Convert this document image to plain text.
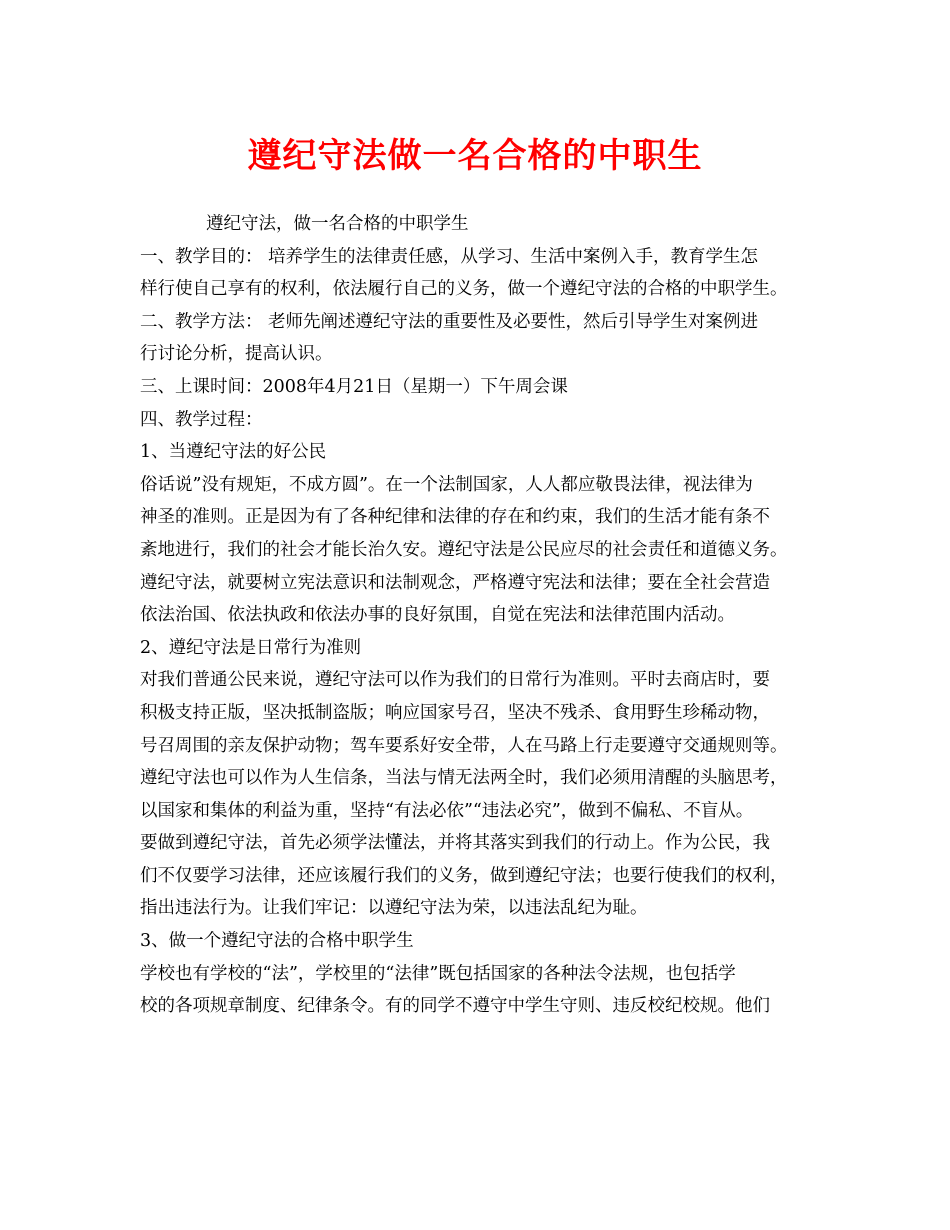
遵纪守法做一名合格的中职生
遵纪守法，做一名合格的中职学生
一、教学目的： 培养学生的法律责任感，从学习、生活中案例入手，教育学生怎
样行使自己享有的权利，依法履行自己的义务，做一个遵纪守法的合格的中职学生。
二、教学方法： 老师先阐述遵纪守法的重要性及必要性，然后引导学生对案例进
行讨论分析，提高认识。
三、上课时间：2008年4月21日（星期一）下午周会课
四、教学过程：
1、当遵纪守法的好公民
俗话说”没有规矩，不成方圆”。在一个法制国家，人人都应敬畏法律，视法律为
神圣的准则。正是因为有了各种纪律和法律的存在和约束，我们的生活才能有条不
紊地进行，我们的社会才能长治久安。遵纪守法是公民应尽的社会责任和道德义务。
遵纪守法，就要树立宪法意识和法制观念，严格遵守宪法和法律；要在全社会营造
依法治国、依法执政和依法办事的良好氛围，自觉在宪法和法律范围内活动。
2、遵纪守法是日常行为准则
对我们普通公民来说，遵纪守法可以作为我们的日常行为准则。平时去商店时，要
积极支持正版，坚决抵制盗版；响应国家号召，坚决不残杀、食用野生珍稀动物，
号召周围的亲友保护动物；驾车要系好安全带，人在马路上行走要遵守交通规则等。
遵纪守法也可以作为人生信条，当法与情无法两全时，我们必须用清醒的头脑思考，
以国家和集体的利益为重，坚持“有法必依”“违法必究”，做到不偏私、不盲从。
要做到遵纪守法，首先必须学法懂法，并将其落实到我们的行动上。作为公民，我
们不仅要学习法律，还应该履行我们的义务，做到遵纪守法；也要行使我们的权利，
指出违法行为。让我们牢记：以遵纪守法为荣，以违法乱纪为耻。
3、做一个遵纪守法的合格中职学生
学校也有学校的“法”，学校里的“法律”既包括国家的各种法令法规，也包括学
校的各项规章制度、纪律条令。有的同学不遵守中学生守则、违反校纪校规。他们
